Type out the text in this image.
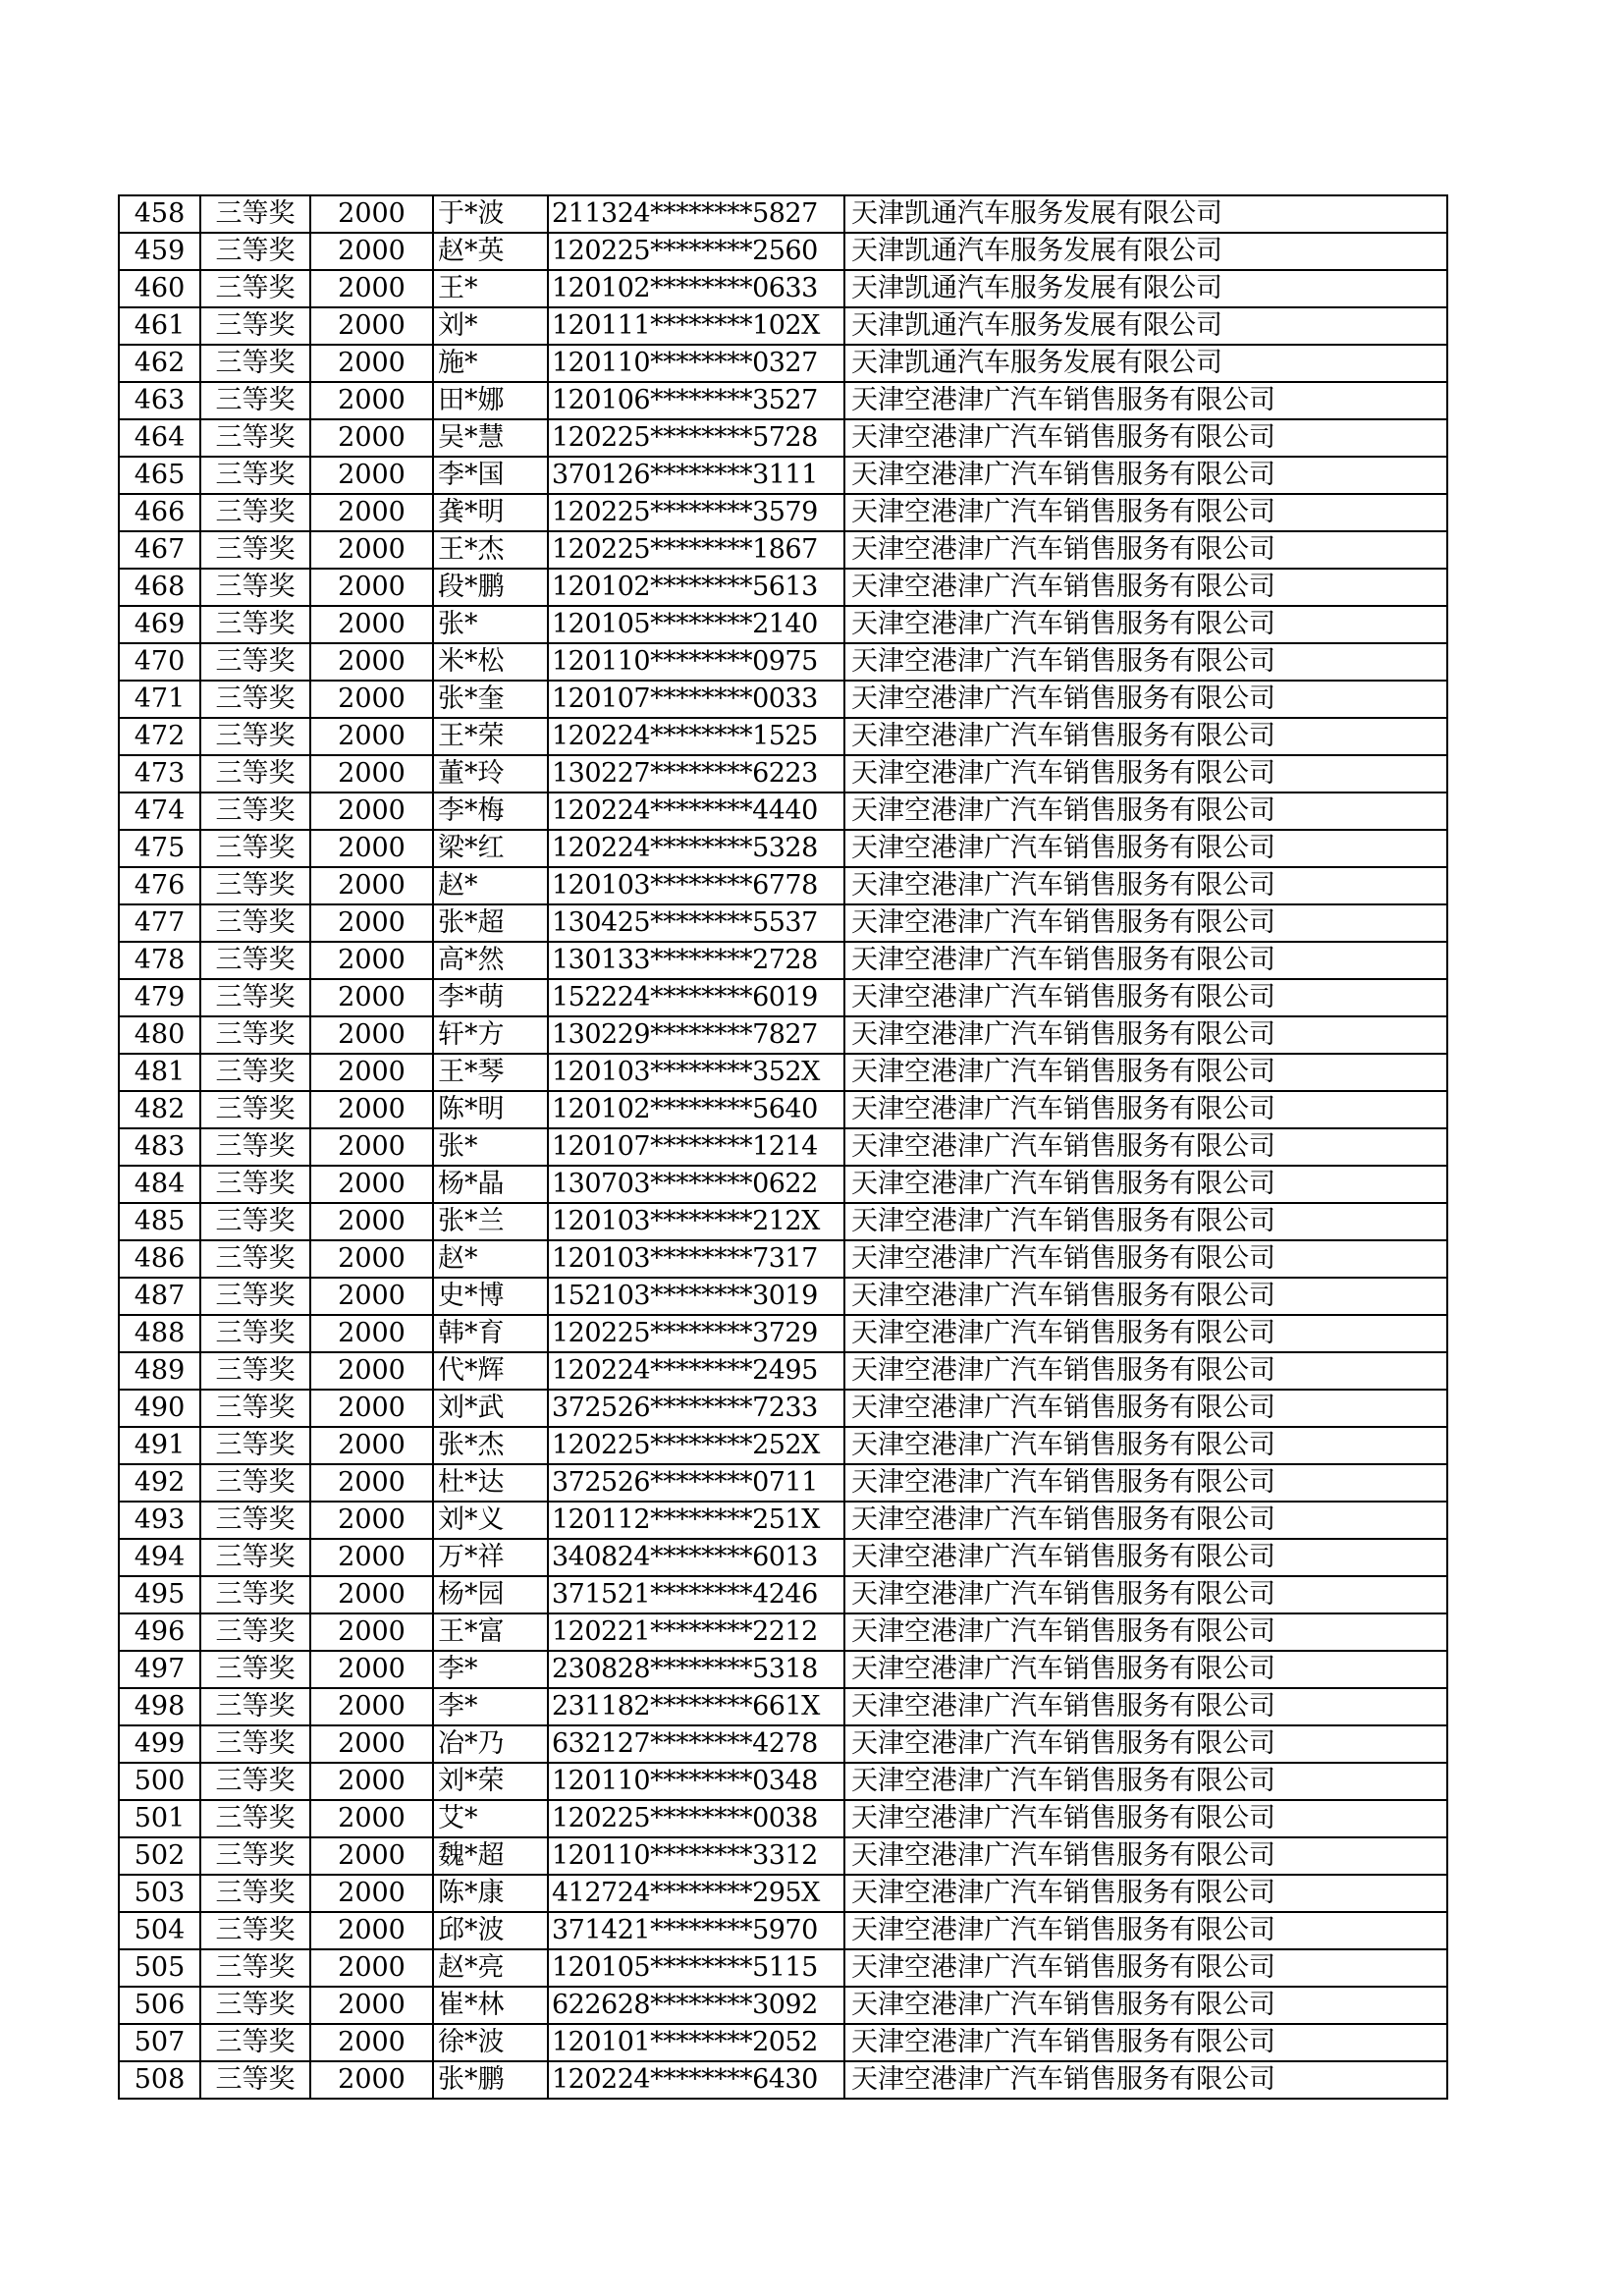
458	三等奖	2000	于*波	211324********5827	天津凯通汽车服务发展有限公司
459	三等奖	2000	赵*英	120225********2560	天津凯通汽车服务发展有限公司
460	三等奖	2000	王*	120102********0633	天津凯通汽车服务发展有限公司
461	三等奖	2000	刘*	120111********102X	天津凯通汽车服务发展有限公司
462	三等奖	2000	施*	120110********0327	天津凯通汽车服务发展有限公司
463	三等奖	2000	田*娜	120106********3527	天津空港津广汽车销售服务有限公司
464	三等奖	2000	吴*慧	120225********5728	天津空港津广汽车销售服务有限公司
465	三等奖	2000	李*国	370126********3111	天津空港津广汽车销售服务有限公司
466	三等奖	2000	龚*明	120225********3579	天津空港津广汽车销售服务有限公司
467	三等奖	2000	王*杰	120225********1867	天津空港津广汽车销售服务有限公司
468	三等奖	2000	段*鹏	120102********5613	天津空港津广汽车销售服务有限公司
469	三等奖	2000	张*	120105********2140	天津空港津广汽车销售服务有限公司
470	三等奖	2000	米*松	120110********0975	天津空港津广汽车销售服务有限公司
471	三等奖	2000	张*奎	120107********0033	天津空港津广汽车销售服务有限公司
472	三等奖	2000	王*荣	120224********1525	天津空港津广汽车销售服务有限公司
473	三等奖	2000	董*玲	130227********6223	天津空港津广汽车销售服务有限公司
474	三等奖	2000	李*梅	120224********4440	天津空港津广汽车销售服务有限公司
475	三等奖	2000	梁*红	120224********5328	天津空港津广汽车销售服务有限公司
476	三等奖	2000	赵*	120103********6778	天津空港津广汽车销售服务有限公司
477	三等奖	2000	张*超	130425********5537	天津空港津广汽车销售服务有限公司
478	三等奖	2000	高*然	130133********2728	天津空港津广汽车销售服务有限公司
479	三等奖	2000	李*萌	152224********6019	天津空港津广汽车销售服务有限公司
480	三等奖	2000	轩*方	130229********7827	天津空港津广汽车销售服务有限公司
481	三等奖	2000	王*琴	120103********352X	天津空港津广汽车销售服务有限公司
482	三等奖	2000	陈*明	120102********5640	天津空港津广汽车销售服务有限公司
483	三等奖	2000	张*	120107********1214	天津空港津广汽车销售服务有限公司
484	三等奖	2000	杨*晶	130703********0622	天津空港津广汽车销售服务有限公司
485	三等奖	2000	张*兰	120103********212X	天津空港津广汽车销售服务有限公司
486	三等奖	2000	赵*	120103********7317	天津空港津广汽车销售服务有限公司
487	三等奖	2000	史*博	152103********3019	天津空港津广汽车销售服务有限公司
488	三等奖	2000	韩*育	120225********3729	天津空港津广汽车销售服务有限公司
489	三等奖	2000	代*辉	120224********2495	天津空港津广汽车销售服务有限公司
490	三等奖	2000	刘*武	372526********7233	天津空港津广汽车销售服务有限公司
491	三等奖	2000	张*杰	120225********252X	天津空港津广汽车销售服务有限公司
492	三等奖	2000	杜*达	372526********0711	天津空港津广汽车销售服务有限公司
493	三等奖	2000	刘*义	120112********251X	天津空港津广汽车销售服务有限公司
494	三等奖	2000	万*祥	340824********6013	天津空港津广汽车销售服务有限公司
495	三等奖	2000	杨*园	371521********4246	天津空港津广汽车销售服务有限公司
496	三等奖	2000	王*富	120221********2212	天津空港津广汽车销售服务有限公司
497	三等奖	2000	李*	230828********5318	天津空港津广汽车销售服务有限公司
498	三等奖	2000	李*	231182********661X	天津空港津广汽车销售服务有限公司
499	三等奖	2000	冶*乃	632127********4278	天津空港津广汽车销售服务有限公司
500	三等奖	2000	刘*荣	120110********0348	天津空港津广汽车销售服务有限公司
501	三等奖	2000	艾*	120225********0038	天津空港津广汽车销售服务有限公司
502	三等奖	2000	魏*超	120110********3312	天津空港津广汽车销售服务有限公司
503	三等奖	2000	陈*康	412724********295X	天津空港津广汽车销售服务有限公司
504	三等奖	2000	邱*波	371421********5970	天津空港津广汽车销售服务有限公司
505	三等奖	2000	赵*亮	120105********5115	天津空港津广汽车销售服务有限公司
506	三等奖	2000	崔*林	622628********3092	天津空港津广汽车销售服务有限公司
507	三等奖	2000	徐*波	120101********2052	天津空港津广汽车销售服务有限公司
508	三等奖	2000	张*鹏	120224********6430	天津空港津广汽车销售服务有限公司
